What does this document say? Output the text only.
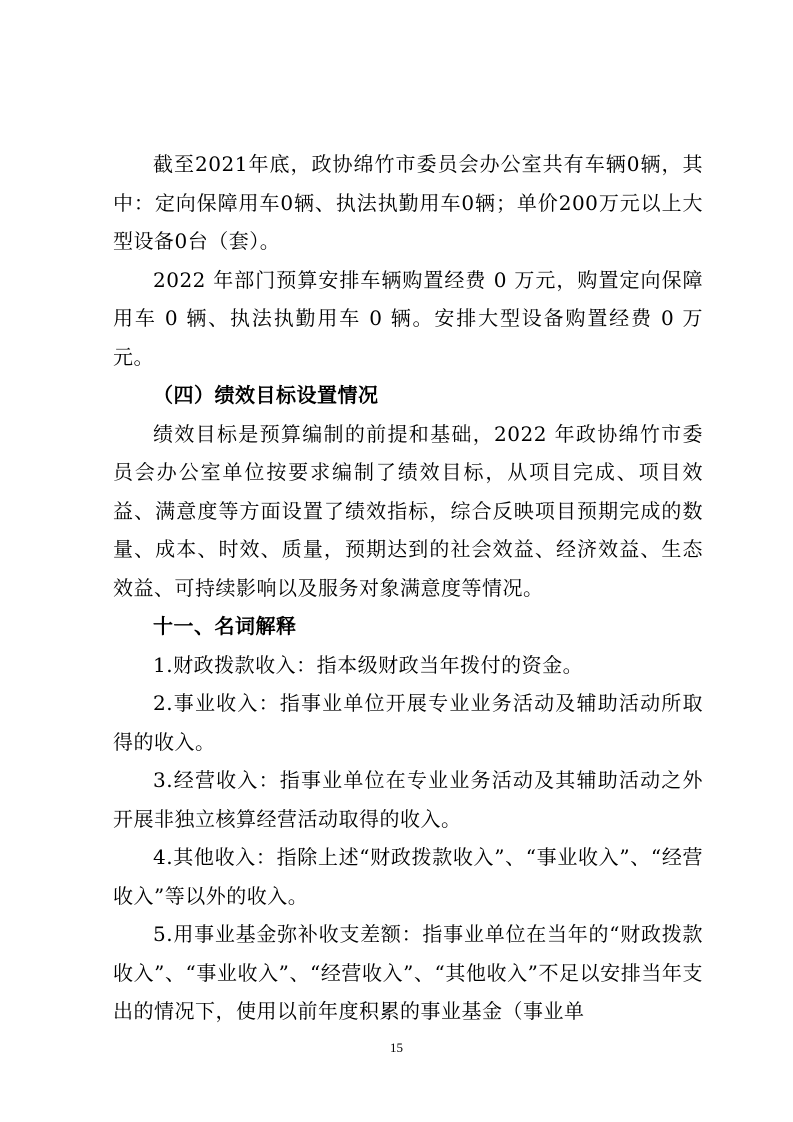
截至2021年底，政协绵竹市委员会办公室共有车辆0辆，其中：定向保障用车0辆、执法执勤用车0辆；单价200万元以上大型设备0台（套）。

2022 年部门预算安排车辆购置经费 0 万元，购置定向保障用车 0 辆、执法执勤用车 0 辆。安排大型设备购置经费 0 万元。

（四）绩效目标设置情况

绩效目标是预算编制的前提和基础，2022 年政协绵竹市委员会办公室单位按要求编制了绩效目标，从项目完成、项目效益、满意度等方面设置了绩效指标，综合反映项目预期完成的数量、成本、时效、质量，预期达到的社会效益、经济效益、生态效益、可持续影响以及服务对象满意度等情况。

十一、名词解释

1.财政拨款收入：指本级财政当年拨付的资金。

2.事业收入：指事业单位开展专业业务活动及辅助活动所取得的收入。

3.经营收入：指事业单位在专业业务活动及其辅助活动之外开展非独立核算经营活动取得的收入。

4.其他收入：指除上述“财政拨款收入”、“事业收入”、“经营收入”等以外的收入。

5.用事业基金弥补收支差额：指事业单位在当年的“财政拨款收入”、“事业收入”、“经营收入”、“其他收入”不足以安排当年支出的情况下，使用以前年度积累的事业基金（事业单

15
